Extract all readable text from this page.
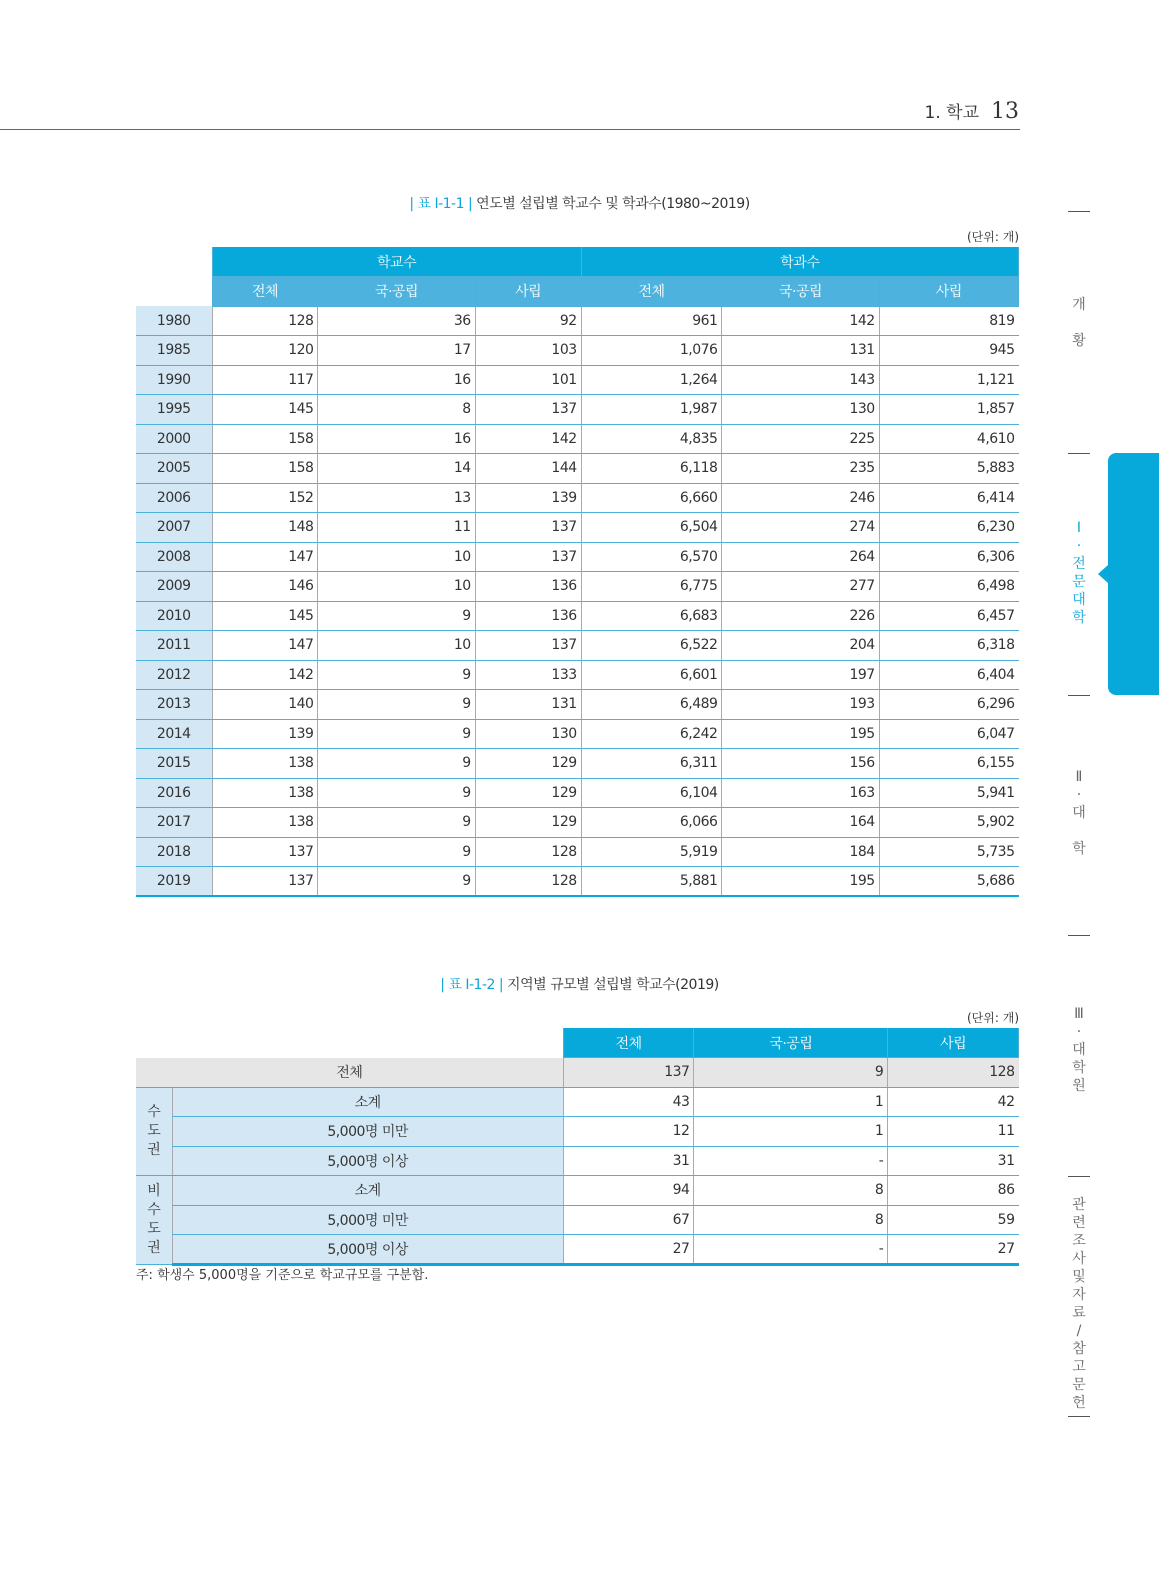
1. 학교 13
| 표 Ⅰ-1-1 | 연도별 설립별 학교수 및 학과수(1980~2019)
(단위: 개)
	학교수			학과수		
	전체	국·공립	사립	전체	국·공립	사립
1980	128	36	92	961	142	819
1985	120	17	103	1,076	131	945
1990	117	16	101	1,264	143	1,121
1995	145	8	137	1,987	130	1,857
2000	158	16	142	4,835	225	4,610
2005	158	14	144	6,118	235	5,883
2006	152	13	139	6,660	246	6,414
2007	148	11	137	6,504	274	6,230
2008	147	10	137	6,570	264	6,306
2009	146	10	136	6,775	277	6,498
2010	145	9	136	6,683	226	6,457
2011	147	10	137	6,522	204	6,318
2012	142	9	133	6,601	197	6,404
2013	140	9	131	6,489	193	6,296
2014	139	9	130	6,242	195	6,047
2015	138	9	129	6,311	156	6,155
2016	138	9	129	6,104	163	5,941
2017	138	9	129	6,066	164	5,902
2018	137	9	128	5,919	184	5,735
2019	137	9	128	5,881	195	5,686
| 표 Ⅰ-1-2 | 지역별 규모별 설립별 학교수(2019)
(단위: 개)
		전체	국·공립	사립
전체		137	9	128
수
도
권	소계	43	1	42
	5,000명 미만	12	1	11
	5,000명 이상	31	-	31
비
수
도
권	소계	94	8	86
	5,000명 미만	67	8	59
	5,000명 이상	27	-	27
주: 학생수 5,000명을 기준으로 학교규모를 구분함.
개

황
Ⅰ
·
전
문
대
학
Ⅱ
·
대

학
Ⅲ
·
대
학
원
관
련
조
사
및
자
료
/
참
고
문
헌
